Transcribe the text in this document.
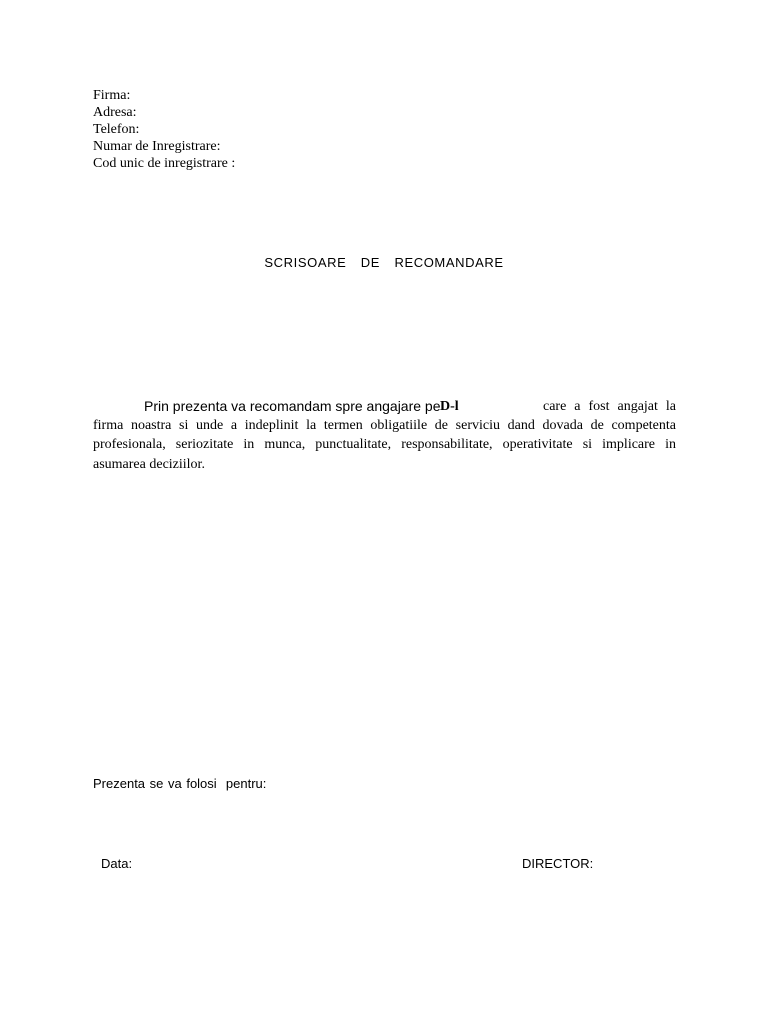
Firma:
Adresa:
Telefon:
Numar de Inregistrare:
Cod unic de inregistrare :
SCRISOARE  DE  RECOMANDARE
Prin prezenta va recomandam spre angajare pe D-l	care a fost angajat la
firma noastra si unde a indeplinit la termen obligatiile de serviciu dand dovada de competenta
profesionala, seriozitate in munca, punctualitate, responsabilitate, operativitate si implicare in
asumarea deciziilor.
Prezenta se va folosi  pentru:
Data:	DIRECTOR:
